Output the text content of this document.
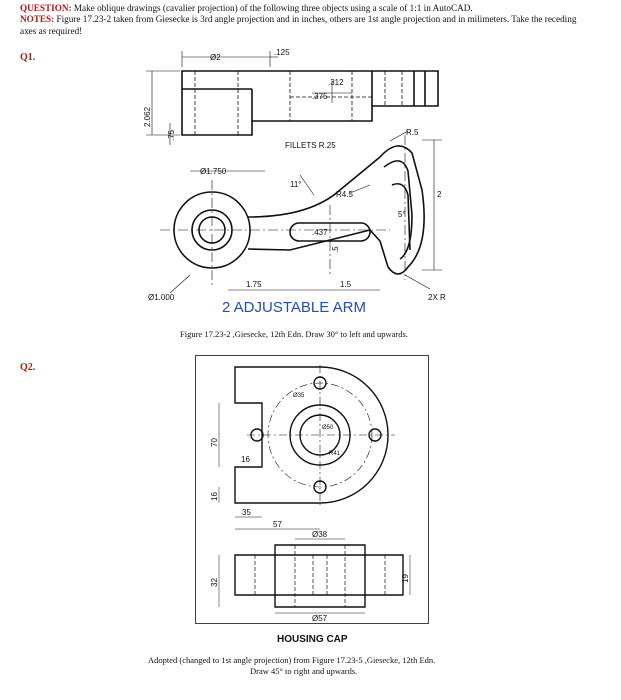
QUESTION: Make oblique drawings (cavalier projection) of the following three objects using a scale of 1:1 in AutoCAD.
NOTES: Figure 17.23-2 taken from Giesecke is 3rd angle projection and in inches, others are 1st angle projection and in milimeters. Take the receding axes as required!
Q1.
Q2.
Ø2
.125
.312
.375
2.062
.75
FILLETS R.25
R.5
Ø1.750
R4.5
11°
5°
.437
.5
2
1.75	1.5
Ø1.000	2X R
2 ADJUSTABLE ARM
Figure 17.23-2 ,Giesecke, 12th Edn. Draw 30° to left and upwards.
70
16
16
35
57
Ø38
Ø57
32	19
Ø35
Ø50
R41
HOUSING CAP
Adopted (changed to 1st angle projection) from Figure 17.23-5 ,Giesecke, 12th Edn.
Draw 45° to right and upwards.
